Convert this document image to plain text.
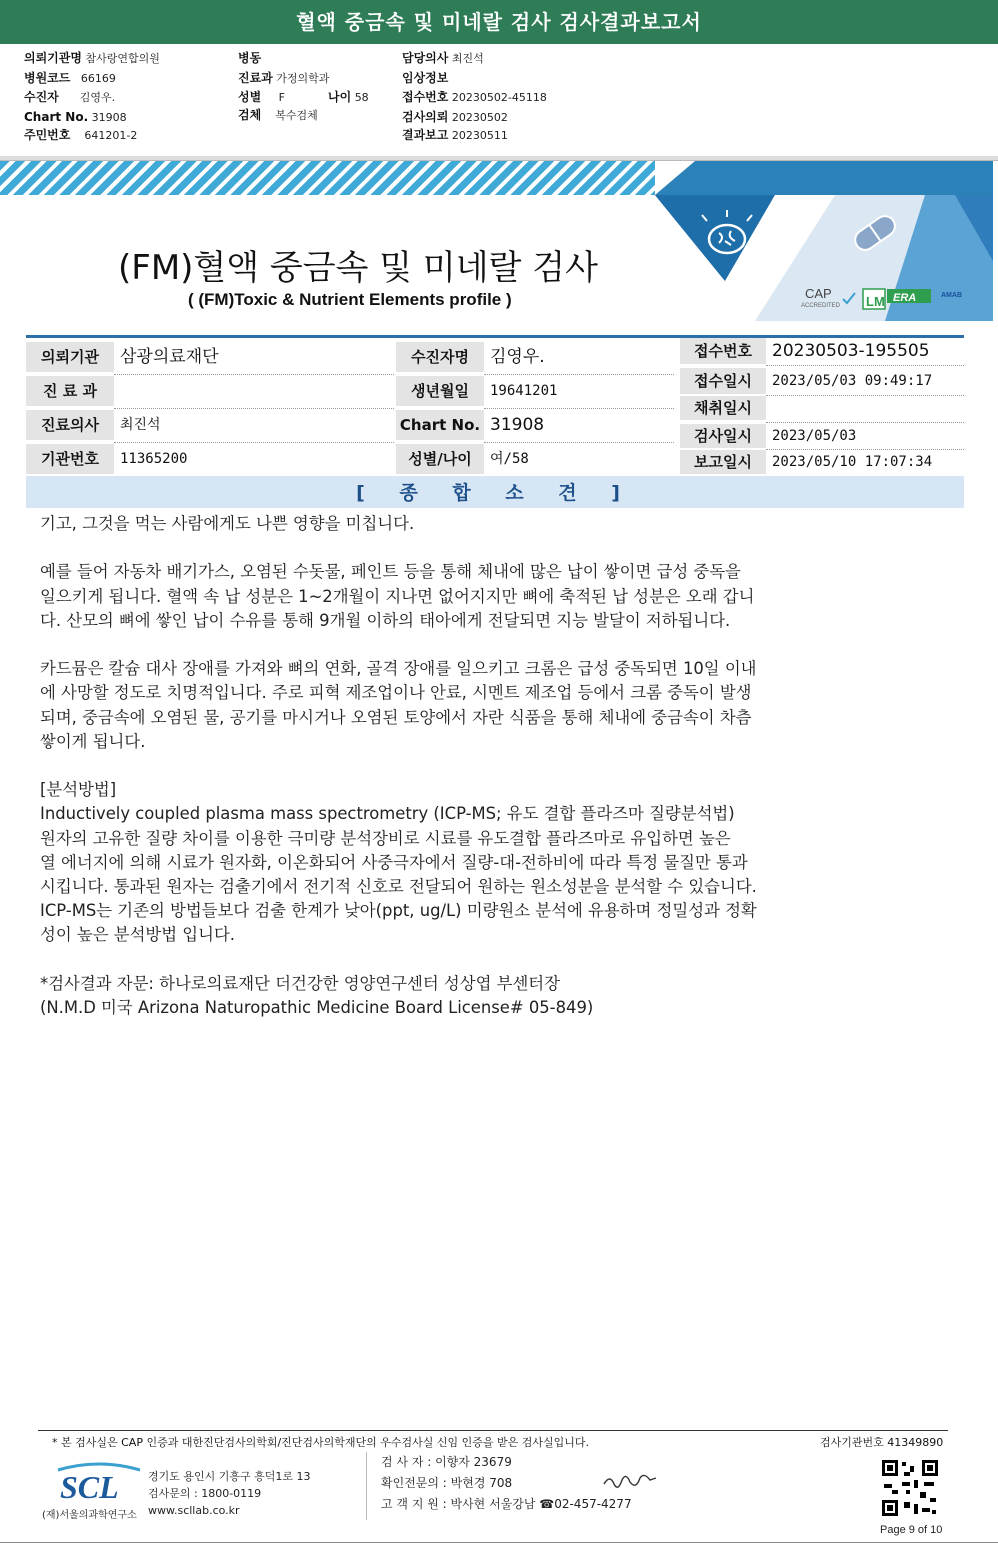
혈액 중금속 및 미네랄 검사 검사결과보고서
의뢰기관명 참사랑연합의원	병동	담당의사 최진석
병원코드 66169	진료과 가정의학과	임상정보
수진자 김영우.	성별 F	나이 58	접수번호 20230502-45118
Chart No. 31908	검체 복수검체	검사의뢰 20230502
주민번호 641201-2	결과보고 20230511
CAP
ACCREDITED LM ERA	AMAB
(FM)혈액 중금속 및 미네랄 검사
( (FM)Toxic & Nutrient Elements profile )
의뢰기관	삼광의료재단
진 료 과
진료의사	최진석
기관번호	11365200
수진자명	김영우.
생년월일	19641201
Chart No. 31908
성별/나이	여/58
접수번호	20230503-195505
접수일시	2023/05/03 09:49:17
채취일시
검사일시	2023/05/03
보고일시	2023/05/10 17:07:34
[ 종 합 소 견 ]

기고, 그것을 먹는 사람에게도 나쁜 영향을 미칩니다.

예를 들어 자동차 배기가스, 오염된 수돗물, 페인트 등을 통해 체내에 많은 납이 쌓이면 급성 중독을

일으키게 됩니다. 혈액 속 납 성분은 1~2개월이 지나면 없어지지만 뼈에 축적된 납 성분은 오래 갑니

다. 산모의 뼈에 쌓인 납이 수유를 통해 9개월 이하의 태아에게 전달되면 지능 발달이 저하됩니다.

카드뮴은 칼슘 대사 장애를 가져와 뼈의 연화, 골격 장애를 일으키고 크롬은 급성 중독되면 10일 이내

에 사망할 정도로 치명적입니다. 주로 피혁 제조업이나 안료, 시멘트 제조업 등에서 크롬 중독이 발생

되며, 중금속에 오염된 물, 공기를 마시거나 오염된 토양에서 자란 식품을 통해 체내에 중금속이 차츰

쌓이게 됩니다.

[분석방법]

Inductively coupled plasma mass spectrometry (ICP-MS; 유도 결합 플라즈마 질량분석법)

원자의 고유한 질량 차이를 이용한 극미량 분석장비로 시료를 유도결합 플라즈마로 유입하면 높은

열 에너지에 의해 시료가 원자화, 이온화되어 사중극자에서 질량-대-전하비에 따라 특정 물질만 통과

시킵니다. 통과된 원자는 검출기에서 전기적 신호로 전달되어 원하는 원소성분을 분석할 수 있습니다.

ICP-MS는 기존의 방법들보다 검출 한계가 낮아(ppt, ug/L) 미량원소 분석에 유용하며 정밀성과 정확

성이 높은 분석방법 입니다.

*검사결과 자문: 하나로의료재단 더건강한 영양연구센터 성상엽 부센터장

(N.M.D 미국 Arizona Naturopathic Medicine Board License# 05-849)

* 본 검사실은 CAP 인증과 대한진단검사의학회/진단검사의학재단의 우수검사실 신임 인증을 받은 검사실입니다.	검사기관번호 41349890
SCL
(재)서울의과학연구소
경기도 용인시 기흥구 흥덕1로 13
검사문의 : 1800-0119
www.scllab.co.kr
검 사 자 : 이향자 23679
확인전문의 : 박현경 708
고 객 지 원 : 박사현 서울강남 ☎02-457-4277
Page 9 of 10
